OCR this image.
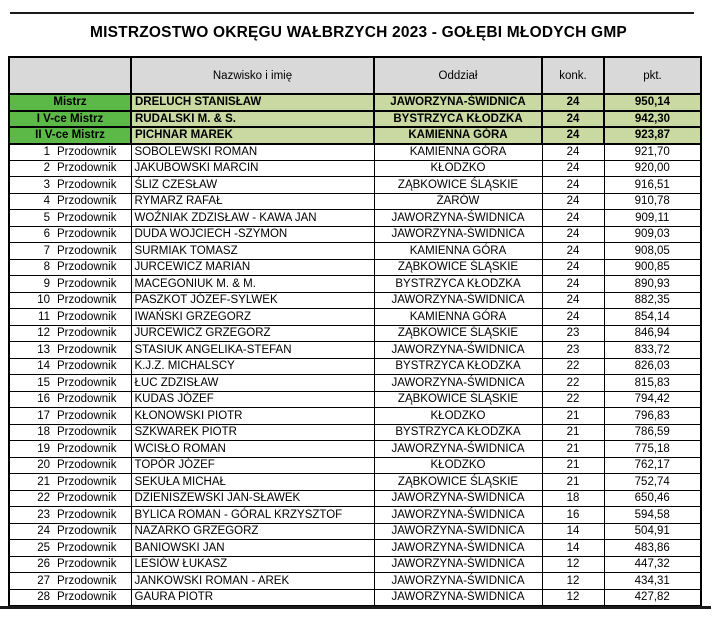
MISTRZOSTWO OKRĘGU WAŁBRZYCH 2023 - GOŁĘBI MŁODYCH GMP
	Nazwisko i imię	Oddział	konk.	pkt.
Mistrz	DRELUCH STANISŁAW	JAWORZYNA-ŚWIDNICA	24	950,14
I V-ce Mistrz	RUDALSKI M. & S.	BYSTRZYCA KŁODZKA	24	942,30
II V-ce Mistrz	PICHNAR MAREK	KAMIENNA GÓRA	24	923,87
1 Przodownik	SOBOLEWSKI ROMAN	KAMIENNA GÓRA	24	921,70
2 Przodownik	JAKUBOWSKI MARCIN	KŁODZKO	24	920,00
3 Przodownik	ŚLIZ CZESŁAW	ZĄBKOWICE ŚLĄSKIE	24	916,51
4 Przodownik	RYMARZ RAFAŁ	ŻARÓW	24	910,78
5 Przodownik	WOŹNIAK ZDZISŁAW - KAWA JAN	JAWORZYNA-ŚWIDNICA	24	909,11
6 Przodownik	DUDA WOJCIECH -SZYMON	JAWORZYNA-ŚWIDNICA	24	909,03
7 Przodownik	SURMIAK TOMASZ	KAMIENNA GÓRA	24	908,05
8 Przodownik	JURCEWICZ MARIAN	ZĄBKOWICE ŚLĄSKIE	24	900,85
9 Przodownik	MACEGONIUK M. & M.	BYSTRZYCA KŁODZKA	24	890,93
10 Przodownik	PASZKOT JÓZEF-SYLWEK	JAWORZYNA-ŚWIDNICA	24	882,35
11 Przodownik	IWAŃSKI GRZEGORZ	KAMIENNA GÓRA	24	854,14
12 Przodownik	JURCEWICZ GRZEGORZ	ZĄBKOWICE ŚLĄSKIE	23	846,94
13 Przodownik	STASIUK ANGELIKA-STEFAN	JAWORZYNA-ŚWIDNICA	23	833,72
14 Przodownik	K.J.Z. MICHALSCY	BYSTRZYCA KŁODZKA	22	826,03
15 Przodownik	ŁUC ZDZISŁAW	JAWORZYNA-ŚWIDNICA	22	815,83
16 Przodownik	KUDAS JÓZEF	ZĄBKOWICE ŚLĄSKIE	22	794,42
17 Przodownik	KŁONOWSKI PIOTR	KŁODZKO	21	796,83
18 Przodownik	SZKWAREK PIOTR	BYSTRZYCA KŁODZKA	21	786,59
19 Przodownik	WCISŁO ROMAN	JAWORZYNA-ŚWIDNICA	21	775,18
20 Przodownik	TOPÓR JÓZEF	KŁODZKO	21	762,17
21 Przodownik	SEKUŁA MICHAŁ	ZĄBKOWICE ŚLĄSKIE	21	752,74
22 Przodownik	DZIENISZEWSKI JAN-SŁAWEK	JAWORZYNA-ŚWIDNICA	18	650,46
23 Przodownik	BYLICA ROMAN - GÓRAL KRZYSZTOF	JAWORZYNA-ŚWIDNICA	16	594,58
24 Przodownik	NAZARKO GRZEGORZ	JAWORZYNA-ŚWIDNICA	14	504,91
25 Przodownik	BANIOWSKI JAN	JAWORZYNA-ŚWIDNICA	14	483,86
26 Przodownik	LESIÓW ŁUKASZ	JAWORZYNA-ŚWIDNICA	12	447,32
27 Przodownik	JANKOWSKI ROMAN - AREK	JAWORZYNA-ŚWIDNICA	12	434,31
28 Przodownik	GAURA PIOTR	JAWORZYNA-ŚWIDNICA	12	427,82
